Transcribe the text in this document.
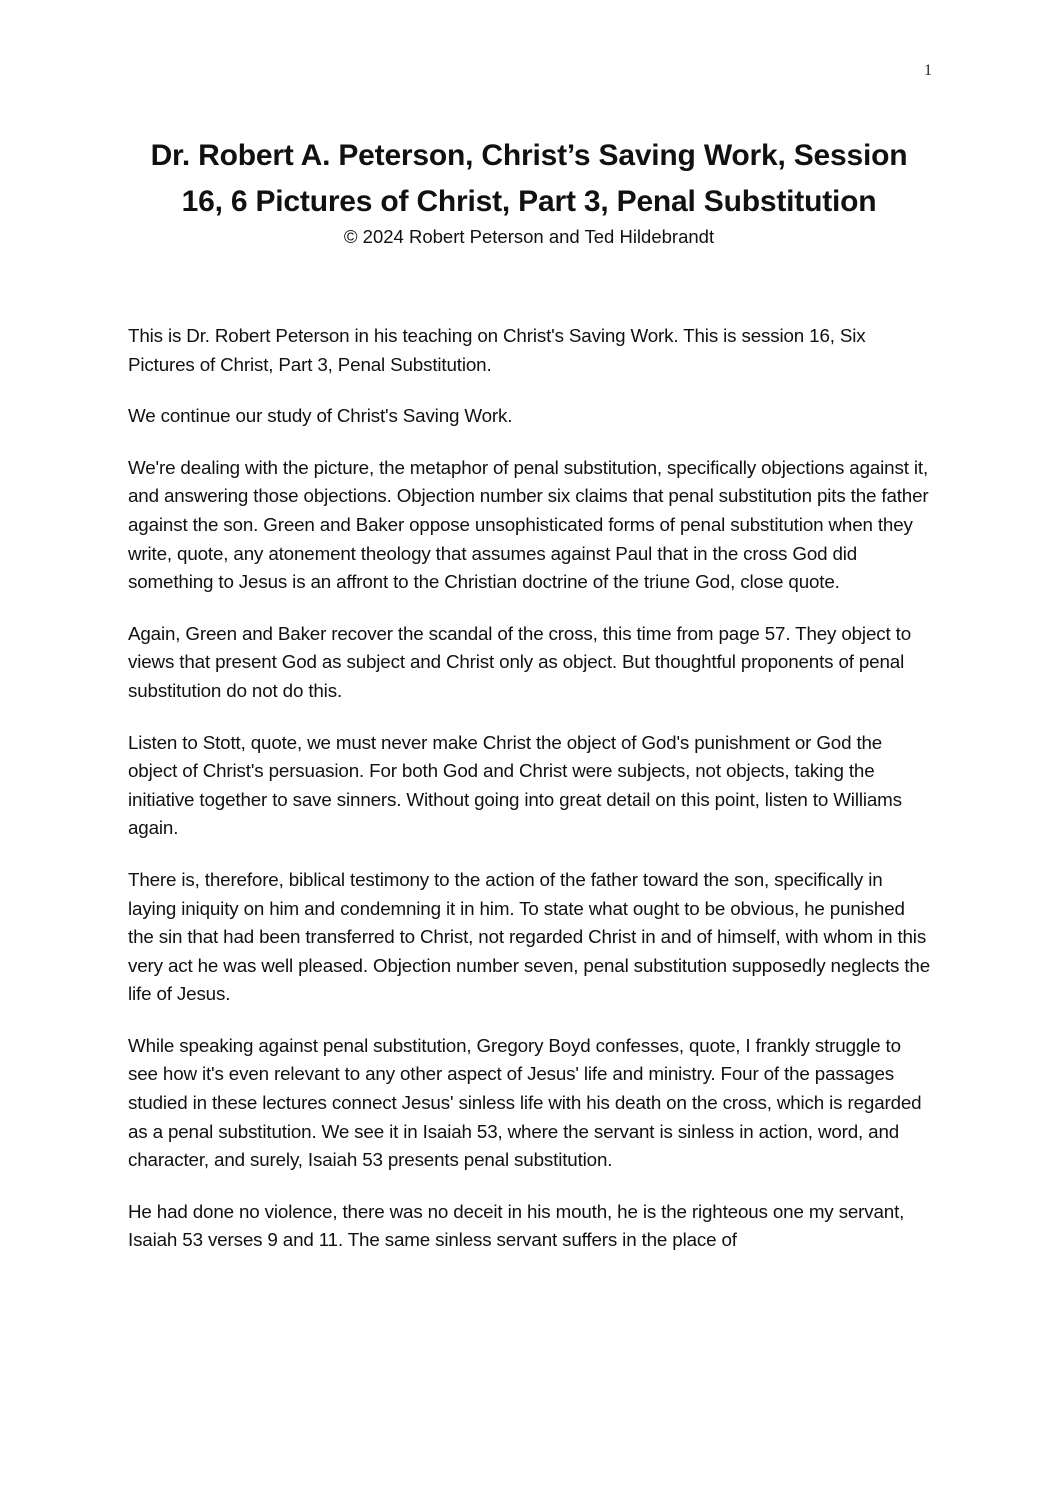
1
Dr. Robert A. Peterson, Christ’s Saving Work, Session 16, 6 Pictures of Christ, Part 3, Penal Substitution

© 2024 Robert Peterson and Ted Hildebrandt

This is Dr. Robert Peterson in his teaching on Christ's Saving Work. This is session 16, Six Pictures of Christ, Part 3, Penal Substitution.

We continue our study of Christ's Saving Work.

We're dealing with the picture, the metaphor of penal substitution, specifically objections against it, and answering those objections. Objection number six claims that penal substitution pits the father against the son. Green and Baker oppose unsophisticated forms of penal substitution when they write, quote, any atonement theology that assumes against Paul that in the cross God did something to Jesus is an affront to the Christian doctrine of the triune God, close quote.

Again, Green and Baker recover the scandal of the cross, this time from page 57. They object to views that present God as subject and Christ only as object. But thoughtful proponents of penal substitution do not do this.

Listen to Stott, quote, we must never make Christ the object of God's punishment or God the object of Christ's persuasion. For both God and Christ were subjects, not objects, taking the initiative together to save sinners. Without going into great detail on this point, listen to Williams again.

There is, therefore, biblical testimony to the action of the father toward the son, specifically in laying iniquity on him and condemning it in him. To state what ought to be obvious, he punished the sin that had been transferred to Christ, not regarded Christ in and of himself, with whom in this very act he was well pleased. Objection number seven, penal substitution supposedly neglects the life of Jesus.

While speaking against penal substitution, Gregory Boyd confesses, quote, I frankly struggle to see how it's even relevant to any other aspect of Jesus' life and ministry. Four of the passages studied in these lectures connect Jesus' sinless life with his death on the cross, which is regarded as a penal substitution. We see it in Isaiah 53, where the servant is sinless in action, word, and character, and surely, Isaiah 53 presents penal substitution.

He had done no violence, there was no deceit in his mouth, he is the righteous one my servant, Isaiah 53 verses 9 and 11. The same sinless servant suffers in the place of
